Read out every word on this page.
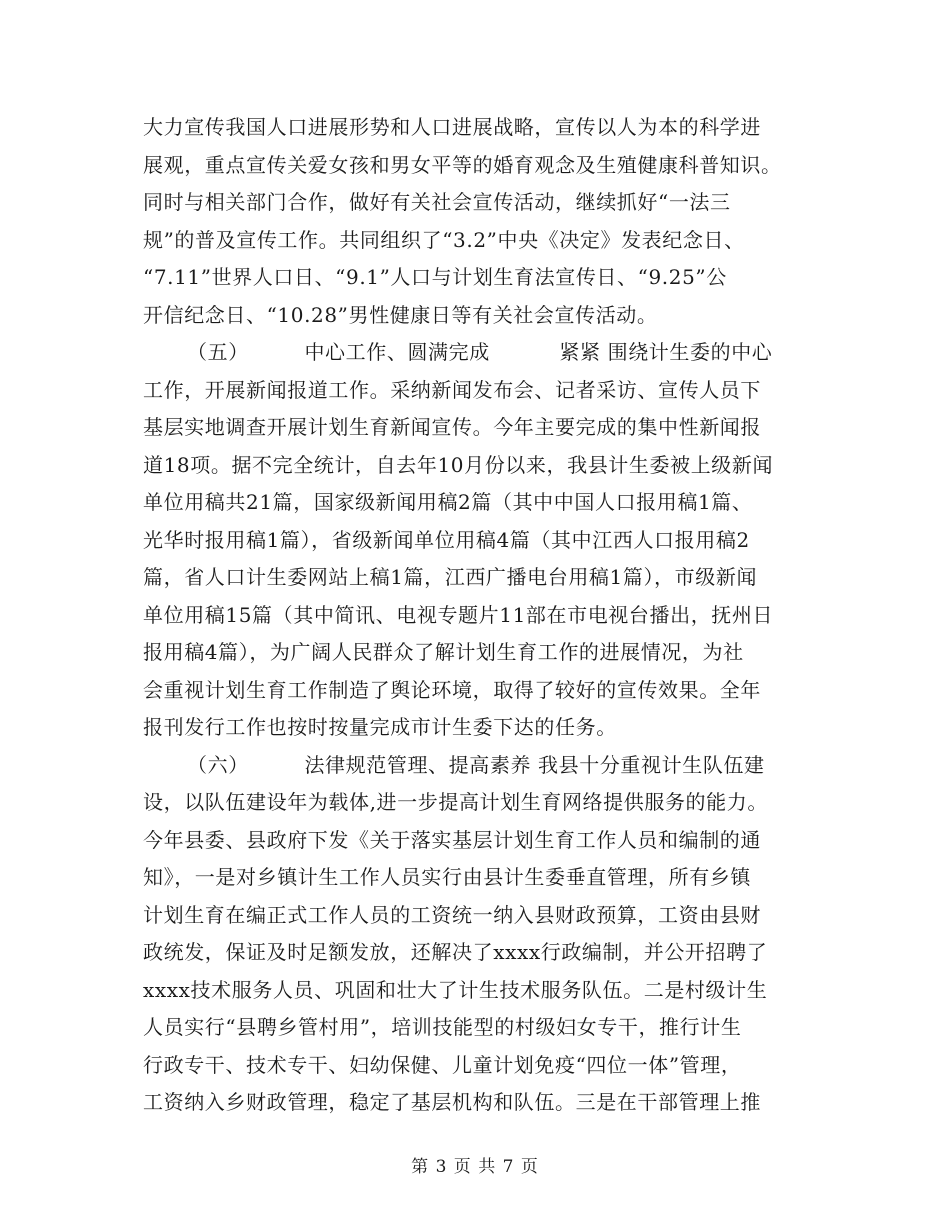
大力宣传我国人口进展形势和人口进展战略，宣传以人为本的科学进
展观，重点宣传关爱女孩和男女平等的婚育观念及生殖健康科普知识。
同时与相关部门合作，做好有关社会宣传活动，继续抓好“一法三
规”的普及宣传工作。共同组织了“3.2”中央《决定》发表纪念日、
“7.11”世界人口日、“9.1”人口与计划生育法宣传日、“9.25”公
开信纪念日、“10.28”男性健康日等有关社会宣传活动。
（五）        中心工作、圆满完成          紧紧 围绕计生委的中心
工作，开展新闻报道工作。采纳新闻发布会、记者采访、宣传人员下
基层实地调查开展计划生育新闻宣传。今年主要完成的集中性新闻报
道18项。据不完全统计，自去年10月份以来，我县计生委被上级新闻
单位用稿共21篇，国家级新闻用稿2篇（其中中国人口报用稿1篇、
光华时报用稿1篇），省级新闻单位用稿4篇（其中江西人口报用稿2
篇，省人口计生委网站上稿1篇，江西广播电台用稿1篇），市级新闻
单位用稿15篇（其中简讯、电视专题片11部在市电视台播出，抚州日
报用稿4篇），为广阔人民群众了解计划生育工作的进展情况，为社
会重视计划生育工作制造了舆论环境，取得了较好的宣传效果。全年
报刊发行工作也按时按量完成市计生委下达的任务。
（六）        法律规范管理、提高素养 我县十分重视计生队伍建
设，以队伍建设年为载体,进一步提高计划生育网络提供服务的能力。
今年县委、县政府下发《关于落实基层计划生育工作人员和编制的通
知》，一是对乡镇计生工作人员实行由县计生委垂直管理，所有乡镇
计划生育在编正式工作人员的工资统一纳入县财政预算，工资由县财
政统发，保证及时足额发放，还解决了xxxx行政编制，并公开招聘了
xxxx技术服务人员、巩固和壮大了计生技术服务队伍。二是村级计生
人员实行“县聘乡管村用”，培训技能型的村级妇女专干，推行计生
行政专干、技术专干、妇幼保健、儿童计划免疫“四位一体”管理，
工资纳入乡财政管理，稳定了基层机构和队伍。三是在干部管理上推
第 3 页 共 7 页
